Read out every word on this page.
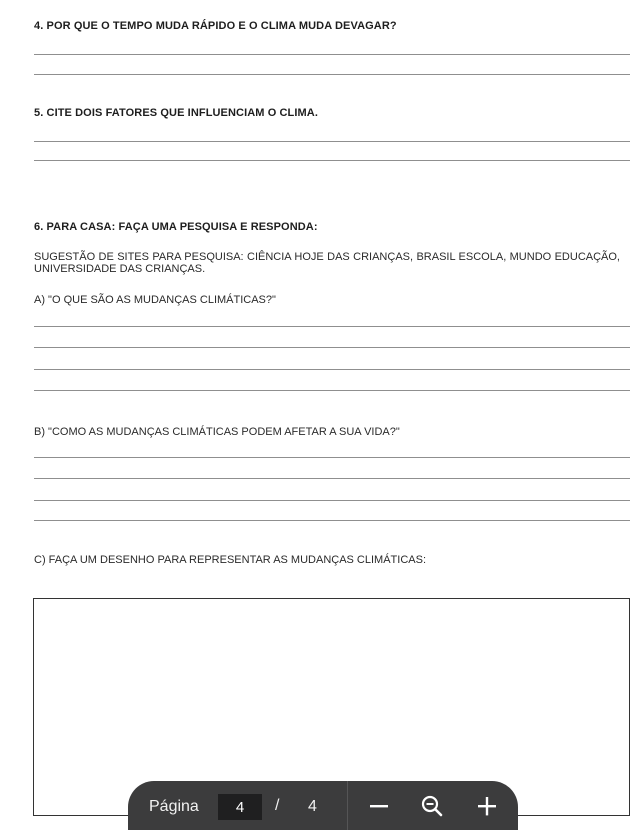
4. POR QUE O TEMPO MUDA RÁPIDO E O CLIMA MUDA DEVAGAR?
5. CITE DOIS FATORES QUE INFLUENCIAM O CLIMA.
6. PARA CASA: FAÇA UMA PESQUISA E RESPONDA:
SUGESTÃO DE SITES PARA PESQUISA: CIÊNCIA HOJE DAS CRIANÇAS, BRASIL ESCOLA, MUNDO EDUCAÇÃO, UNIVERSIDADE DAS CRIANÇAS.
A) "O QUE SÃO AS MUDANÇAS CLIMÁTICAS?"
B) "COMO AS MUDANÇAS CLIMÁTICAS PODEM AFETAR A SUA VIDA?"
C) FAÇA UM DESENHO PARA REPRESENTAR AS MUDANÇAS CLIMÁTICAS:
Página
4	/ 4
